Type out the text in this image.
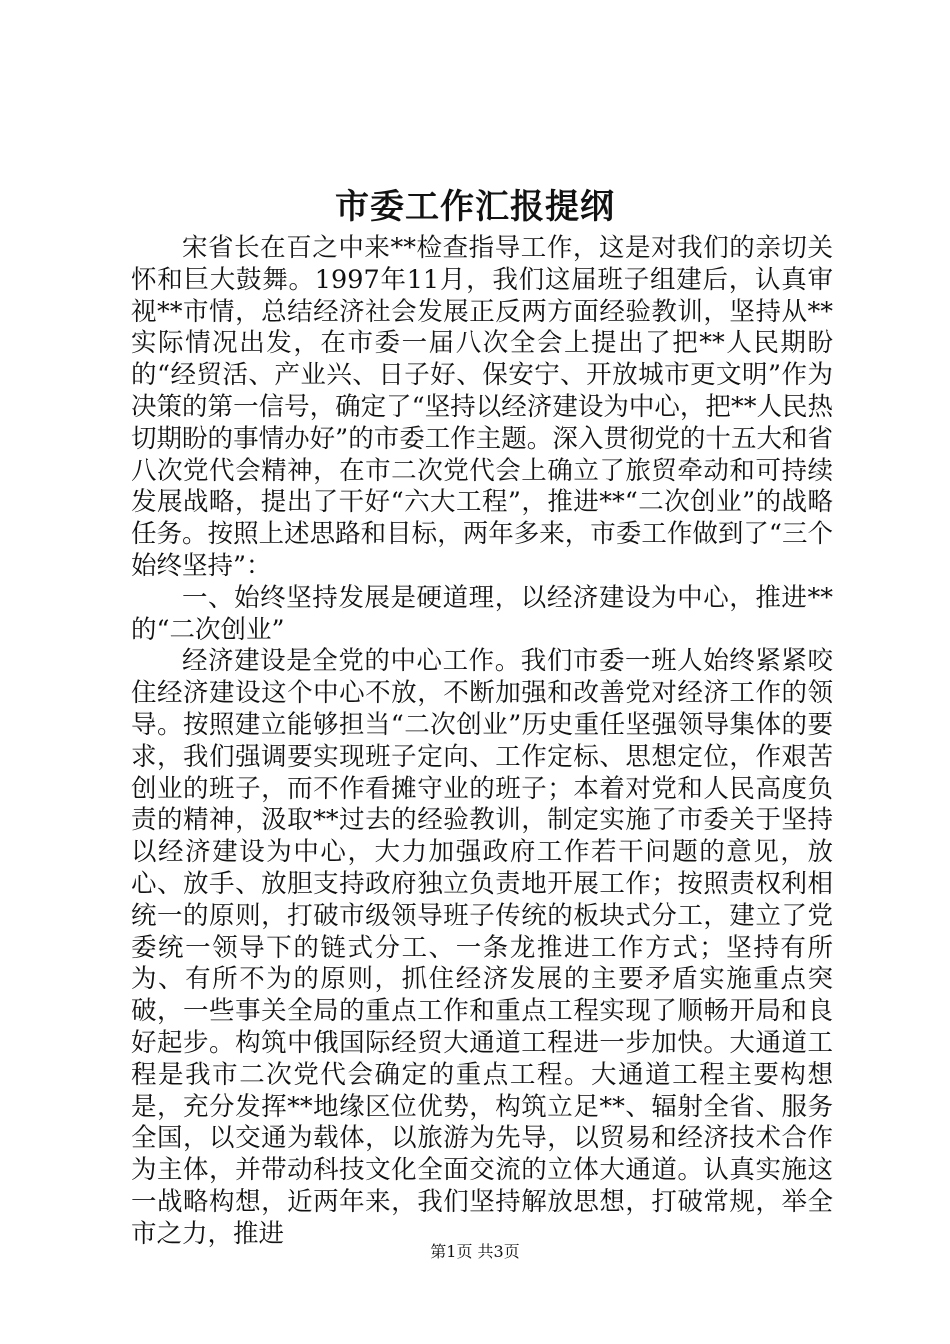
市委工作汇报提纲

宋省长在百之中来**检查指导工作，这是对我们的亲切关怀和巨大鼓舞。1997年11月，我们这届班子组建后，认真审视**市情，总结经济社会发展正反两方面经验教训，坚持从**实际情况出发，在市委一届八次全会上提出了把**人民期盼的“经贸活、产业兴、日子好、保安宁、开放城市更文明”作为决策的第一信号，确定了“坚持以经济建设为中心，把**人民热切期盼的事情办好”的市委工作主题。深入贯彻党的十五大和省八次党代会精神，在市二次党代会上确立了旅贸牵动和可持续发展战略，提出了干好“六大工程”，推进**“二次创业”的战略任务。按照上述思路和目标，两年多来，市委工作做到了“三个始终坚持”：

一、始终坚持发展是硬道理，以经济建设为中心，推进**的“二次创业”

经济建设是全党的中心工作。我们市委一班人始终紧紧咬住经济建设这个中心不放，不断加强和改善党对经济工作的领导。按照建立能够担当“二次创业”历史重任坚强领导集体的要求，我们强调要实现班子定向、工作定标、思想定位，作艰苦创业的班子，而不作看摊守业的班子；本着对党和人民高度负责的精神，汲取**过去的经验教训，制定实施了市委关于坚持以经济建设为中心，大力加强政府工作若干问题的意见，放心、放手、放胆支持政府独立负责地开展工作；按照责权利相统一的原则，打破市级领导班子传统的板块式分工，建立了党委统一领导下的链式分工、一条龙推进工作方式；坚持有所为、有所不为的原则，抓住经济发展的主要矛盾实施重点突破，一些事关全局的重点工作和重点工程实现了顺畅开局和良好起步。构筑中俄国际经贸大通道工程进一步加快。大通道工程是我市二次党代会确定的重点工程。大通道工程主要构想是，充分发挥**地缘区位优势，构筑立足**、辐射全省、服务全国，以交通为载体，以旅游为先导，以贸易和经济技术合作为主体，并带动科技文化全面交流的立体大通道。认真实施这一战略构想，近两年来，我们坚持解放思想，打破常规，举全市之力，推进

第1页 共3页
